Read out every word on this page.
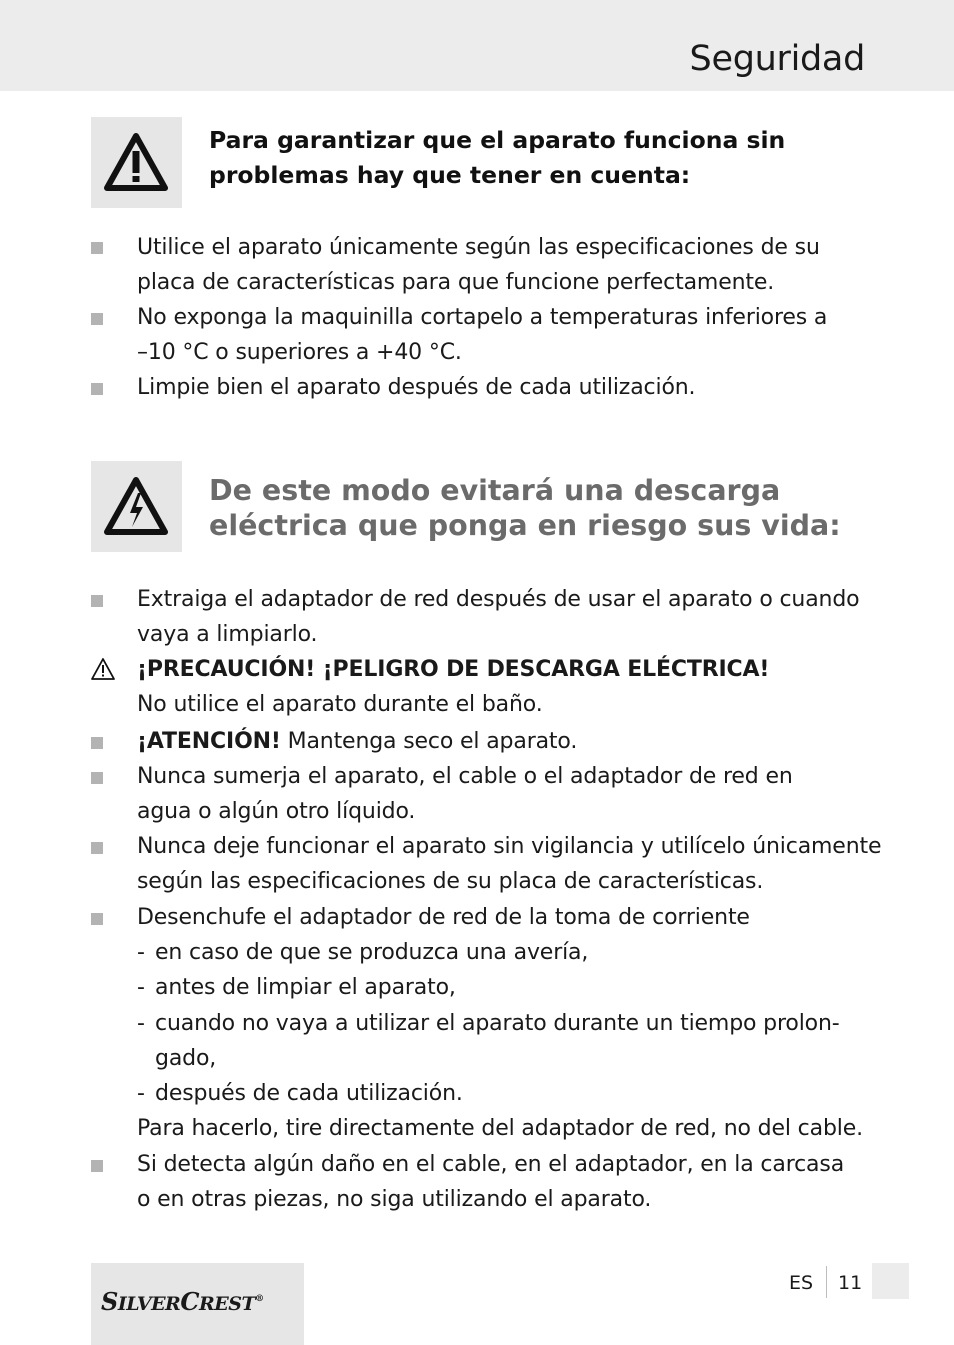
Seguridad
Para garantizar que el aparato funciona sin
problemas hay que tener en cuenta:
Utilice el aparato únicamente según las especificaciones de su
placa de características para que funcione perfectamente.
No exponga la maquinilla cortapelo a temperaturas inferiores a
–10 °C o superiores a +40 °C.
Limpie bien el aparato después de cada utilización.
De este modo evitará una descarga
eléctrica que ponga en riesgo sus vida:
Extraiga el adaptador de red después de usar el aparato o cuando
vaya a limpiarlo.
¡PRECAUCIÓN! ¡PELIGRO DE DESCARGA ELÉCTRICA!
No utilice el aparato durante el baño.
¡ATENCIÓN! Mantenga seco el aparato.
Nunca sumerja el aparato, el cable o el adaptador de red en
agua o algún otro líquido.
Nunca deje funcionar el aparato sin vigilancia y utilícelo únicamente
según las especificaciones de su placa de características.
Desenchufe el adaptador de red de la toma de corriente
- en caso de que se produzca una avería,
- antes de limpiar el aparato,
- cuando no vaya a utilizar el aparato durante un tiempo prolon-
gado,
- después de cada utilización.
Para hacerlo, tire directamente del adaptador de red, no del cable.
Si detecta algún daño en el cable, en el adaptador, en la carcasa
o en otras piezas, no siga utilizando el aparato.
SILVERCREST®
ES 11
